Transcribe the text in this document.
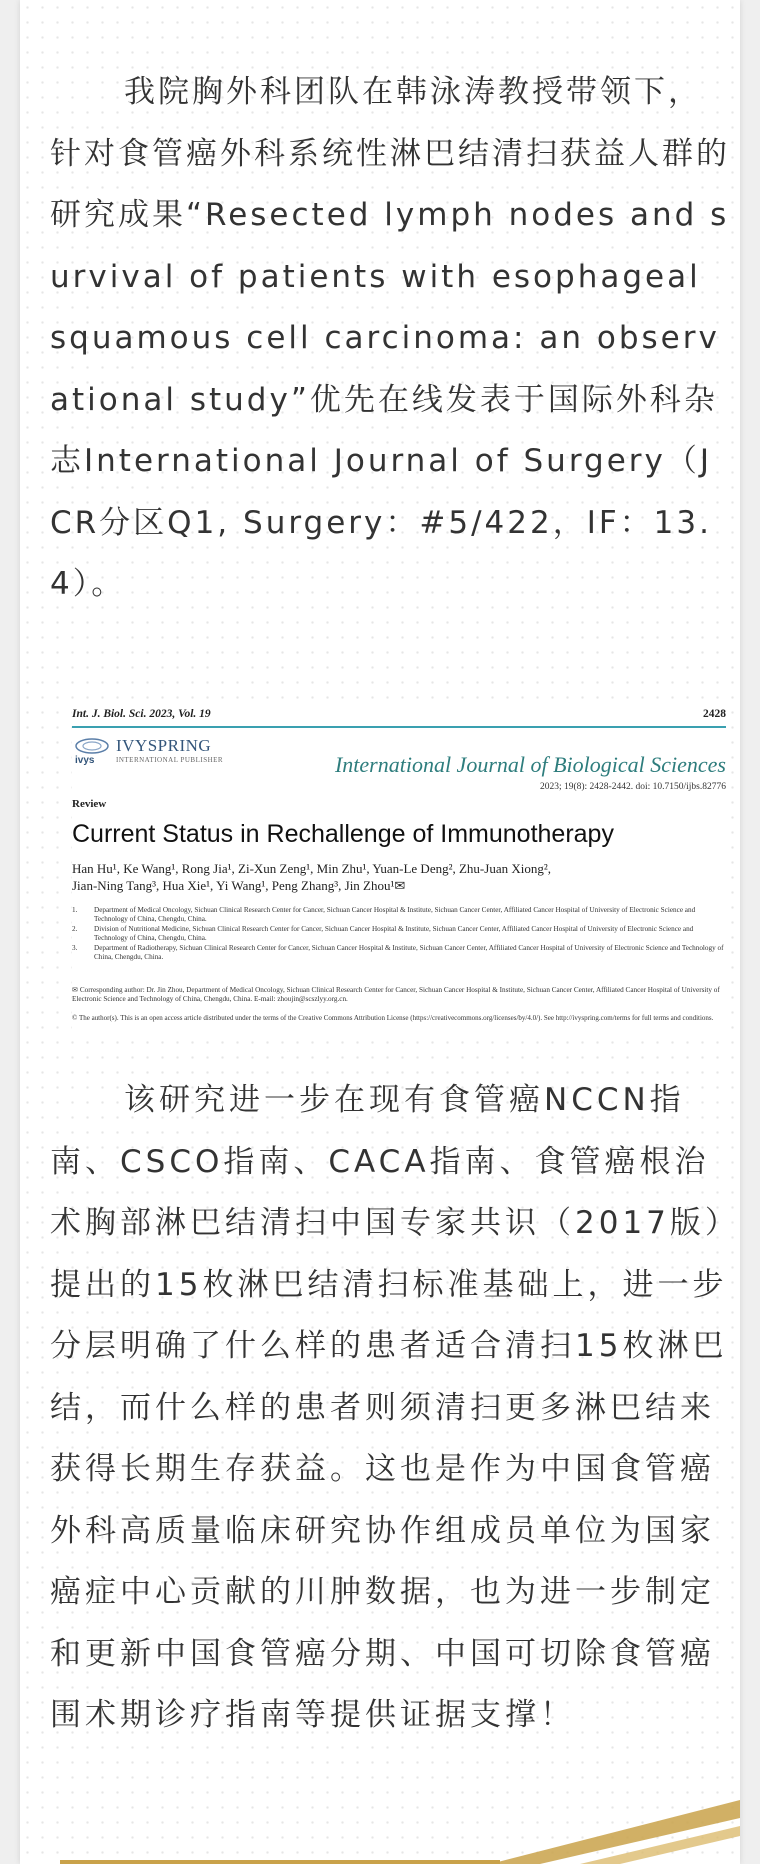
我院胸外科团队在韩泳涛教授带领下，针对食管癌外科系统性淋巴结清扫获益人群的研究成果“Resected lymph nodes and survival of patients with esophageal squamous cell carcinoma: an observational study”优先在线发表于国际外科杂志International Journal of Surgery（JCR分区Q1, Surgery：#5/422，IF：13.4）。

Int. J. Biol. Sci. 2023, Vol. 19	2428
ivys
IVYSPRING
INTERNATIONAL PUBLISHER	International Journal of Biological Sciences
2023; 19(8): 2428-2442. doi: 10.7150/ijbs.82776
Review
Current Status in Rechallenge of Immunotherapy
Han Hu¹, Ke Wang¹, Rong Jia¹, Zi-Xun Zeng¹, Min Zhu¹, Yuan-Le Deng², Zhu-Juan Xiong²,
Jian-Ning Tang³, Hua Xie¹, Yi Wang¹, Peng Zhang³, Jin Zhou¹✉
1. Department of Medical Oncology, Sichuan Clinical Research Center for Cancer, Sichuan Cancer Hospital & Institute, Sichuan Cancer Center, Affiliated Cancer Hospital of University of Electronic Science and Technology of China, Chengdu, China.
2. Division of Nutritional Medicine, Sichuan Clinical Research Center for Cancer, Sichuan Cancer Hospital & Institute, Sichuan Cancer Center, Affiliated Cancer Hospital of University of Electronic Science and Technology of China, Chengdu, China.
3. Department of Radiotherapy, Sichuan Clinical Research Center for Cancer, Sichuan Cancer Hospital & Institute, Sichuan Cancer Center, Affiliated Cancer Hospital of University of Electronic Science and Technology of China, Chengdu, China.
✉ Corresponding author: Dr. Jin Zhou, Department of Medical Oncology, Sichuan Clinical Research Center for Cancer, Sichuan Cancer Hospital & Institute, Sichuan Cancer Center, Affiliated Cancer Hospital of University of Electronic Science and Technology of China, Chengdu, China. E-mail: zhoujin@scszlyy.org.cn.
© The author(s). This is an open access article distributed under the terms of the Creative Commons Attribution License (https://creativecommons.org/licenses/by/4.0/). See http://ivyspring.com/terms for full terms and conditions.

该研究进一步在现有食管癌NCCN指南、CSCO指南、CACA指南、食管癌根治术胸部淋巴结清扫中国专家共识（2017版）提出的15枚淋巴结清扫标准基础上，进一步分层明确了什么样的患者适合清扫15枚淋巴结，而什么样的患者则须清扫更多淋巴结来获得长期生存获益。这也是作为中国食管癌外科高质量临床研究协作组成员单位为国家癌症中心贡献的川肿数据，也为进一步制定和更新中国食管癌分期、中国可切除食管癌围术期诊疗指南等提供证据支撑！
